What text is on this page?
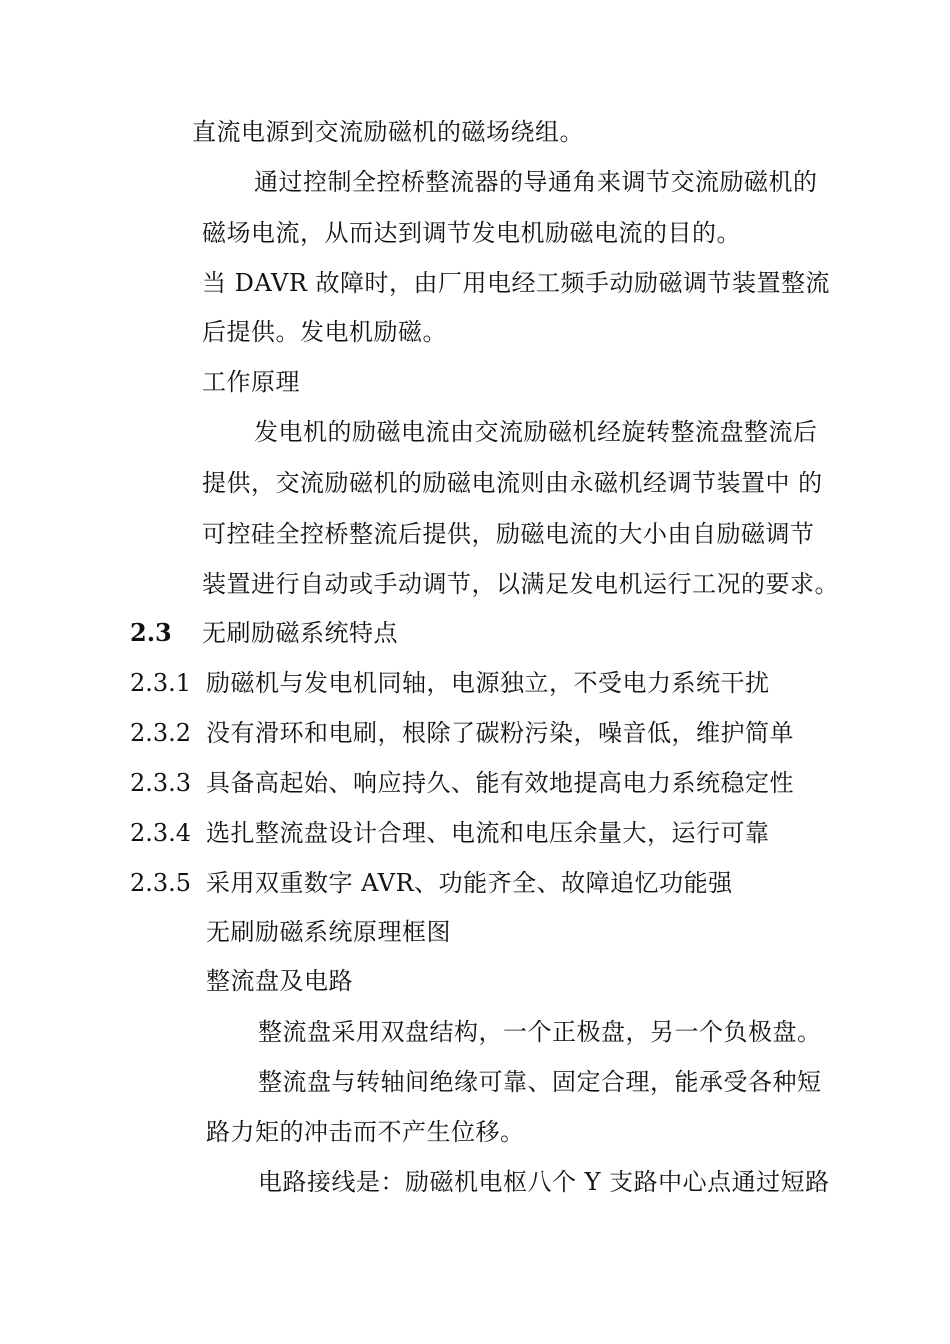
直流电源到交流励磁机的磁场绕组。
通过控制全控桥整流器的导通角来调节交流励磁机的
磁场电流，从而达到调节发电机励磁电流的目的。
当 DAVR 故障时，由厂用电经工频手动励磁调节装置整流
后提供。发电机励磁。
工作原理
发电机的励磁电流由交流励磁机经旋转整流盘整流后
提供，交流励磁机的励磁电流则由永磁机经调节装置中 的
可控硅全控桥整流后提供，励磁电流的大小由自励磁调节
装置进行自动或手动调节，以满足发电机运行工况的要求。
2.3 无刷励磁系统特点
2.3.1 励磁机与发电机同轴，电源独立，不受电力系统干扰
2.3.2 没有滑环和电刷，根除了碳粉污染，噪音低，维护简单
2.3.3 具备高起始、响应持久、能有效地提高电力系统稳定性
2.3.4 选扎整流盘设计合理、电流和电压余量大，运行可靠
2.3.5 采用双重数字 AVR、功能齐全、故障追忆功能强
无刷励磁系统原理框图
整流盘及电路
整流盘采用双盘结构，一个正极盘，另一个负极盘。
整流盘与转轴间绝缘可靠、固定合理，能承受各种短
路力矩的冲击而不产生位移。
电路接线是：励磁机电枢八个 Y 支路中心点通过短路
